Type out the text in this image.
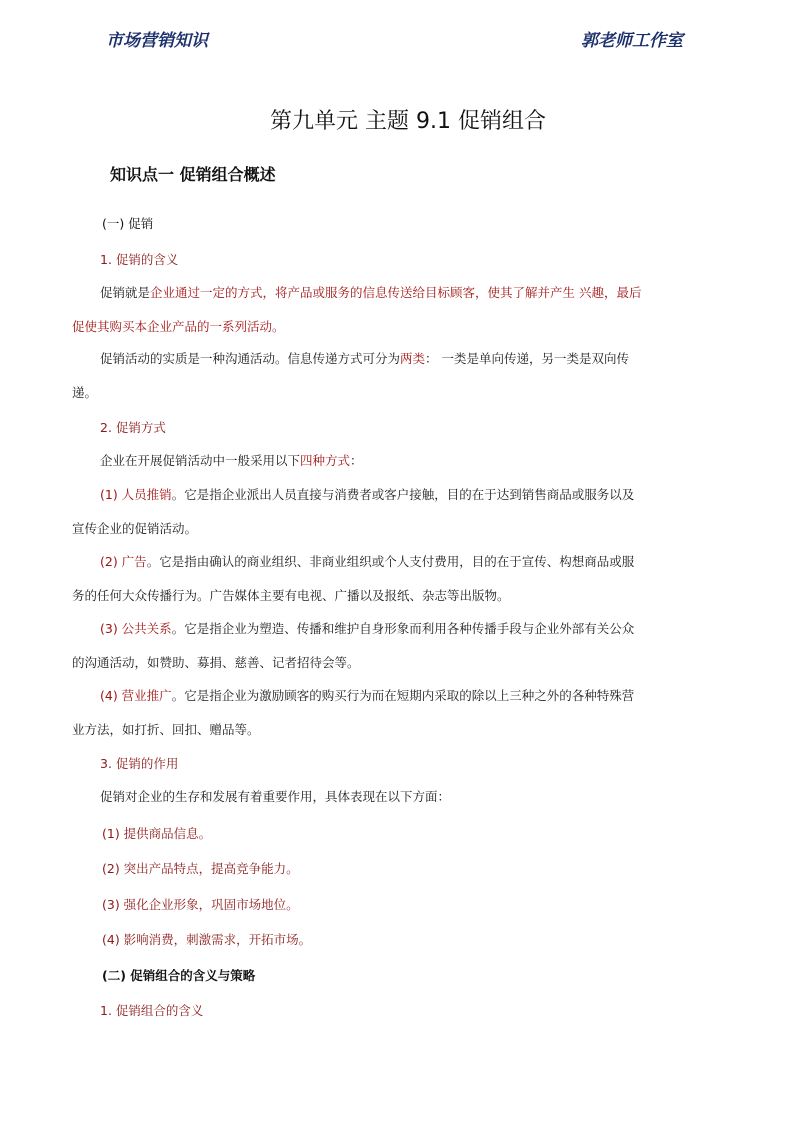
市场营销知识	郭老师工作室
第九单元 主题 9.1 促销组合
知识点一 促销组合概述
(一) 促销
1. 促销的含义
促销就是企业通过一定的方式，将产品或服务的信息传送给目标顾客，使其了解并产生 兴趣，最后促使其购买本企业产品的一系列活动。
促销活动的实质是一种沟通活动。信息传递方式可分为两类： 一类是单向传递，另一类是双向传递。
2. 促销方式
企业在开展促销活动中一般采用以下四种方式：
(1) 人员推销。它是指企业派出人员直接与消费者或客户接触，目的在于达到销售商品或服务以及宣传企业的促销活动。
(2) 广告。它是指由确认的商业组织、非商业组织或个人支付费用，目的在于宣传、构想商品或服务的任何大众传播行为。广告媒体主要有电视、广播以及报纸、杂志等出版物。
(3) 公共关系。它是指企业为塑造、传播和维护自身形象而利用各种传播手段与企业外部有关公众的沟通活动，如赞助、募捐、慈善、记者招待会等。
(4) 营业推广。它是指企业为激励顾客的购买行为而在短期内采取的除以上三种之外的各种特殊营业方法，如打折、回扣、赠品等。
3. 促销的作用
促销对企业的生存和发展有着重要作用，具体表现在以下方面：
(1) 提供商品信息。
(2) 突出产品特点，提高竞争能力。
(3) 强化企业形象，巩固市场地位。
(4) 影响消费，刺激需求，开拓市场。
(二) 促销组合的含义与策略
1. 促销组合的含义
